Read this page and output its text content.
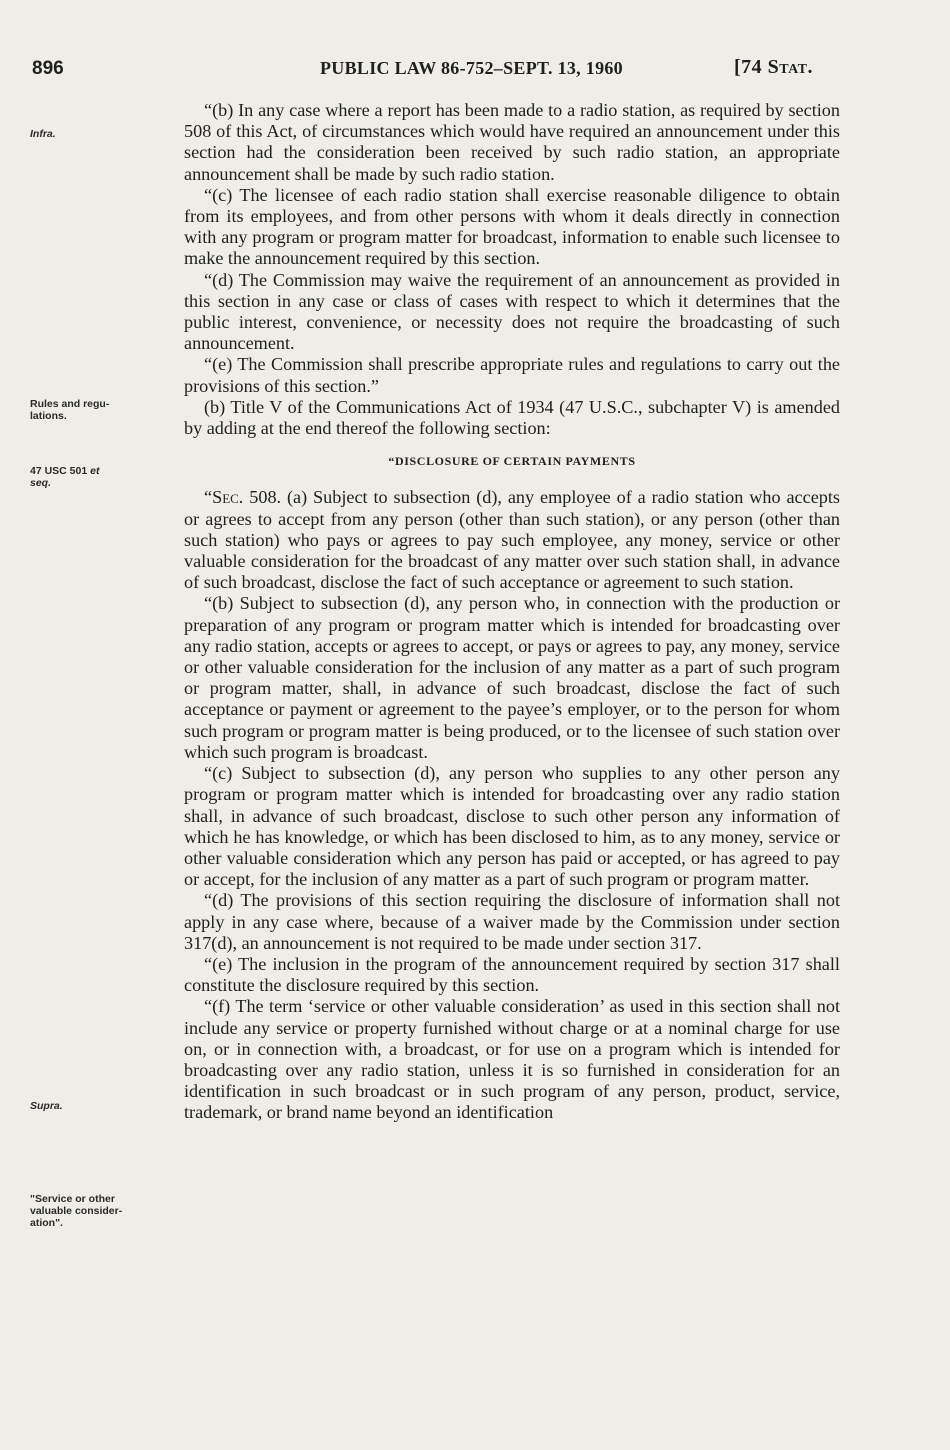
896	PUBLIC LAW 86-752–SEPT. 13, 1960	[74 Stat.
Infra.
Rules and regu-
lations.
47 USC 501 et
seq.
Supra.
"Service or other
valuable consider-
ation".

“(b) In any case where a report has been made to a radio station, as required by section 508 of this Act, of circumstances which would have required an announcement under this section had the consideration been received by such radio station, an appropriate announcement shall be made by such radio station.

“(c) The licensee of each radio station shall exercise reasonable diligence to obtain from its employees, and from other persons with whom it deals directly in connection with any program or program matter for broadcast, information to enable such licensee to make the announcement required by this section.

“(d) The Commission may waive the requirement of an announcement as provided in this section in any case or class of cases with respect to which it determines that the public interest, convenience, or necessity does not require the broadcasting of such announcement.

“(e) The Commission shall prescribe appropriate rules and regulations to carry out the provisions of this section.”

(b) Title V of the Communications Act of 1934 (47 U.S.C., subchapter V) is amended by adding at the end thereof the following section:

“DISCLOSURE OF CERTAIN PAYMENTS

“Sec. 508. (a) Subject to subsection (d), any employee of a radio station who accepts or agrees to accept from any person (other than such station), or any person (other than such station) who pays or agrees to pay such employee, any money, service or other valuable consideration for the broadcast of any matter over such station shall, in advance of such broadcast, disclose the fact of such acceptance or agreement to such station.

“(b) Subject to subsection (d), any person who, in connection with the production or preparation of any program or program matter which is intended for broadcasting over any radio station, accepts or agrees to accept, or pays or agrees to pay, any money, service or other valuable consideration for the inclusion of any matter as a part of such program or program matter, shall, in advance of such broadcast, disclose the fact of such acceptance or payment or agreement to the payee’s employer, or to the person for whom such program or program matter is being produced, or to the licensee of such station over which such program is broadcast.

“(c) Subject to subsection (d), any person who supplies to any other person any program or program matter which is intended for broadcasting over any radio station shall, in advance of such broadcast, disclose to such other person any information of which he has knowledge, or which has been disclosed to him, as to any money, service or other valuable consideration which any person has paid or accepted, or has agreed to pay or accept, for the inclusion of any matter as a part of such program or program matter.

“(d) The provisions of this section requiring the disclosure of information shall not apply in any case where, because of a waiver made by the Commission under section 317(d), an announcement is not required to be made under section 317.

“(e) The inclusion in the program of the announcement required by section 317 shall constitute the disclosure required by this section.

“(f) The term ‘service or other valuable consideration’ as used in this section shall not include any service or property furnished without charge or at a nominal charge for use on, or in connection with, a broadcast, or for use on a program which is intended for broadcasting over any radio station, unless it is so furnished in consideration for an identification in such broadcast or in such program of any person, product, service, trademark, or brand name beyond an identification
